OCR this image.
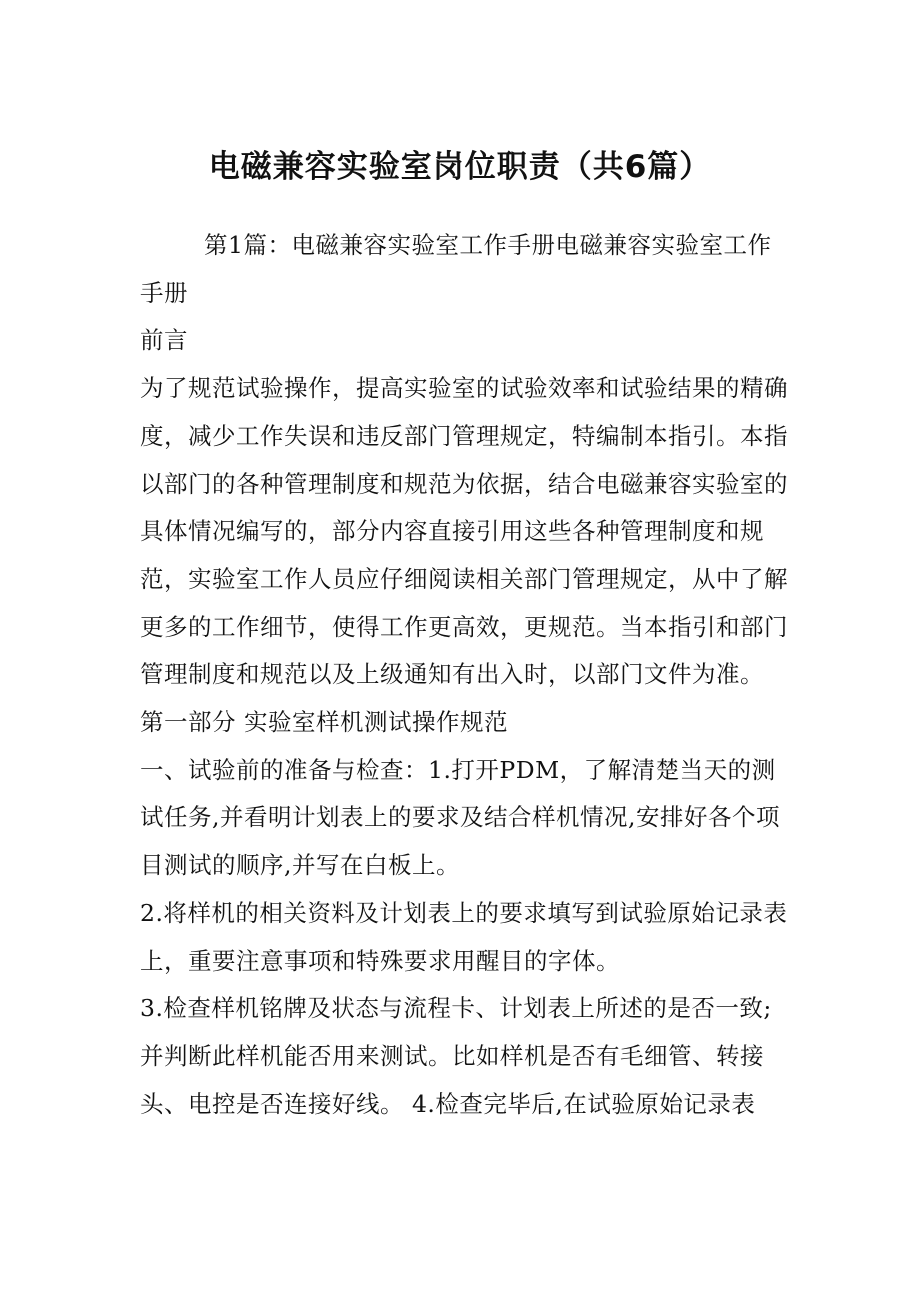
电磁兼容实验室岗位职责（共6篇）

第1篇：电磁兼容实验室工作手册电磁兼容实验室工作手册

前言

为了规范试验操作，提高实验室的试验效率和试验结果的精确度，减少工作失误和违反部门管理规定，特编制本指引。本指以部门的各种管理制度和规范为依据，结合电磁兼容实验室的具体情况编写的，部分内容直接引用这些各种管理制度和规范，实验室工作人员应仔细阅读相关部门管理规定，从中了解更多的工作细节，使得工作更高效，更规范。当本指引和部门管理制度和规范以及上级通知有出入时，以部门文件为准。

第一部分 实验室样机测试操作规范

一、试验前的准备与检查：1.打开PDM，了解清楚当天的测试任务,并看明计划表上的要求及结合样机情况,安排好各个项目测试的顺序,并写在白板上。

2.将样机的相关资料及计划表上的要求填写到试验原始记录表上，重要注意事项和特殊要求用醒目的字体。

3.检查样机铭牌及状态与流程卡、计划表上所述的是否一致;并判断此样机能否用来测试。比如样机是否有毛细管、转接头、电控是否连接好线。 4.检查完毕后,在试验原始记录表
